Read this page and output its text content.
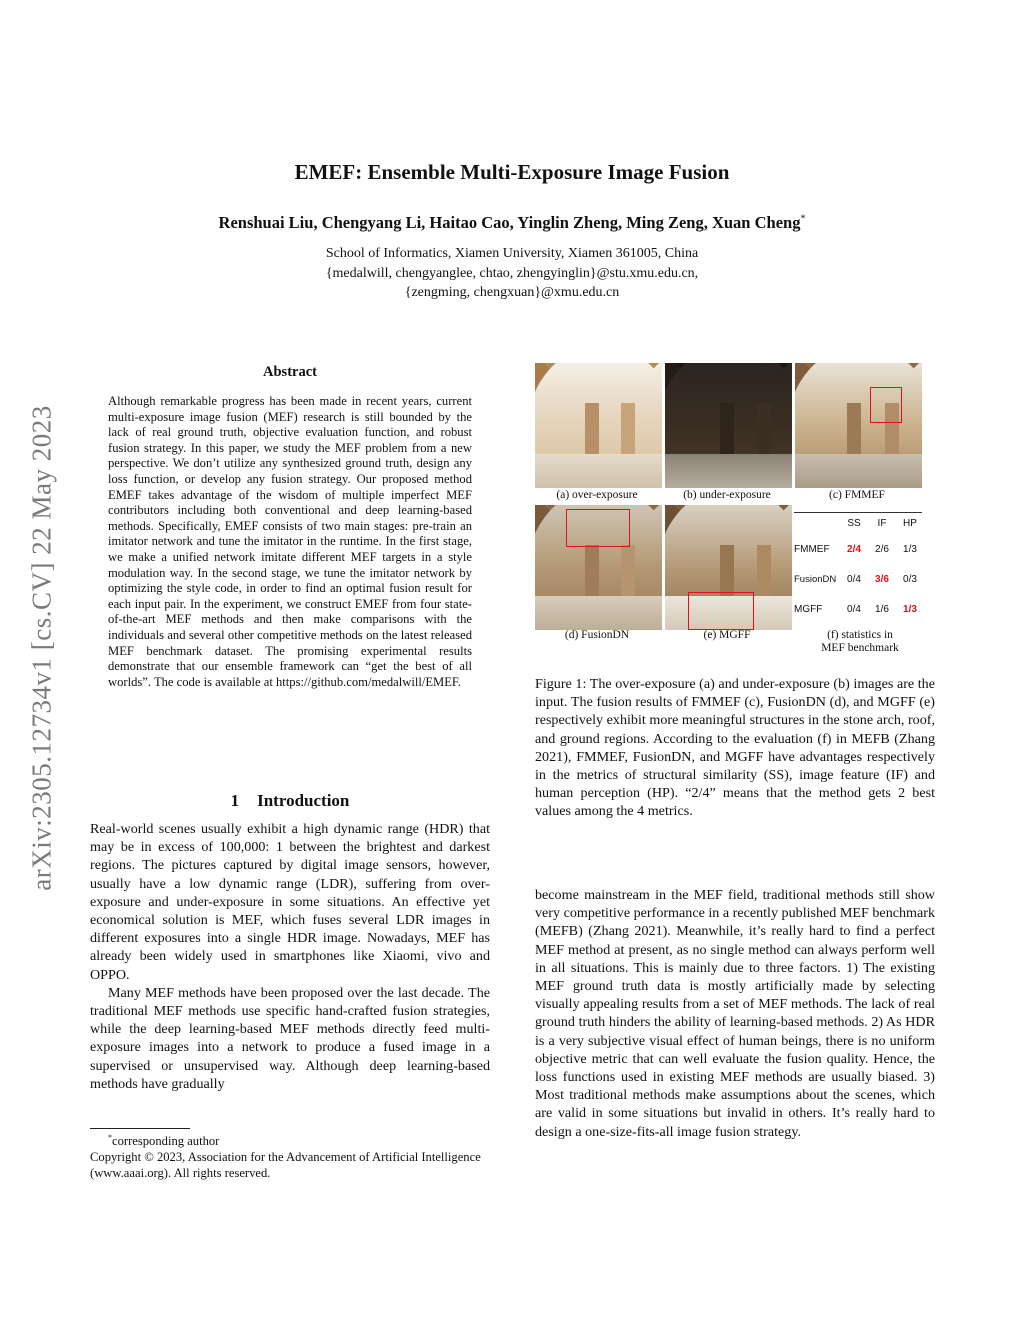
EMEF: Ensemble Multi-Exposure Image Fusion
Renshuai Liu, Chengyang Li, Haitao Cao, Yinglin Zheng, Ming Zeng, Xuan Cheng*
School of Informatics, Xiamen University, Xiamen 361005, China
{medalwill, chengyanglee, chtao, zhengyinglin}@stu.xmu.edu.cn,
{zengming, chengxuan}@xmu.edu.cn
arXiv:2305.12734v1 [cs.CV] 22 May 2023
Abstract
Although remarkable progress has been made in recent years, current multi-exposure image fusion (MEF) research is still bounded by the lack of real ground truth, objective evaluation function, and robust fusion strategy. In this paper, we study the MEF problem from a new perspective. We don’t utilize any synthesized ground truth, design any loss function, or develop any fusion strategy. Our proposed method EMEF takes advantage of the wisdom of multiple imperfect MEF contributors including both conventional and deep learning-based methods. Specifically, EMEF consists of two main stages: pre-train an imitator network and tune the imitator in the runtime. In the first stage, we make a unified network imitate different MEF targets in a style modulation way. In the second stage, we tune the imitator network by optimizing the style code, in order to find an optimal fusion result for each input pair. In the experiment, we construct EMEF from four state-of-the-art MEF methods and then make comparisons with the individuals and several other competitive methods on the latest released MEF benchmark dataset. The promising experimental results demonstrate that our ensemble framework can “get the best of all worlds”. The code is available at https://github.com/medalwill/EMEF.
1 Introduction

Real-world scenes usually exhibit a high dynamic range (HDR) that may be in excess of 100,000: 1 between the brightest and darkest regions. The pictures captured by digital image sensors, however, usually have a low dynamic range (LDR), suffering from over-exposure and under-exposure in some situations. An effective yet economical solution is MEF, which fuses several LDR images in different exposures into a single HDR image. Nowadays, MEF has already been widely used in smartphones like Xiaomi, vivo and OPPO.

Many MEF methods have been proposed over the last decade. The traditional MEF methods use specific hand-crafted fusion strategies, while the deep learning-based MEF methods directly feed multi-exposure images into a network to produce a fused image in a supervised or unsupervised way. Although deep learning-based methods have gradually

*corresponding author
Copyright © 2023, Association for the Advancement of Artificial Intelligence (www.aaai.org). All rights reserved.
(a) over-exposure	(b) under-exposure	(c) FMMEF
(d) FusionDN	(e) MGFF	(f) statistics in
MEF benchmark
	SS	IF	HP
FMMEF	2/4	2/6	1/3
FusionDN	0/4	3/6	0/3
MGFF	0/4	1/6	1/3
Figure 1: The over-exposure (a) and under-exposure (b) images are the input. The fusion results of FMMEF (c), FusionDN (d), and MGFF (e) respectively exhibit more meaningful structures in the stone arch, roof, and ground regions. According to the evaluation (f) in MEFB (Zhang 2021), FMMEF, FusionDN, and MGFF have advantages respectively in the metrics of structural similarity (SS), image feature (IF) and human perception (HP). “2/4” means that the method gets 2 best values among the 4 metrics.

become mainstream in the MEF field, traditional methods still show very competitive performance in a recently published MEF benchmark (MEFB) (Zhang 2021). Meanwhile, it’s really hard to find a perfect MEF method at present, as no single method can always perform well in all situations. This is mainly due to three factors. 1) The existing MEF ground truth data is mostly artificially made by selecting visually appealing results from a set of MEF methods. The lack of real ground truth hinders the ability of learning-based methods. 2) As HDR is a very subjective visual effect of human beings, there is no uniform objective metric that can well evaluate the fusion quality. Hence, the loss functions used in existing MEF methods are usually biased. 3) Most traditional methods make assumptions about the scenes, which are valid in some situations but invalid in others. It’s really hard to design a one-size-fits-all image fusion strategy.
